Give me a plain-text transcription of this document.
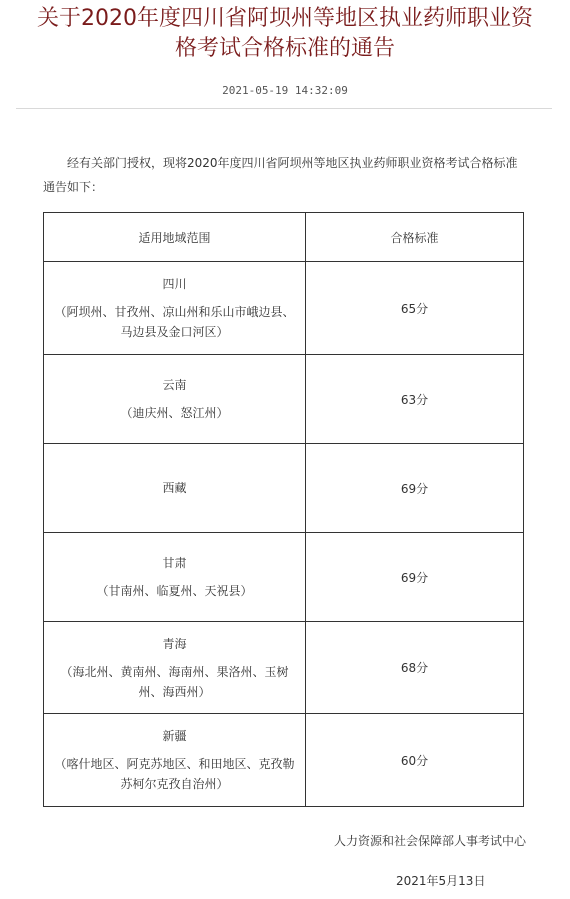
关于2020年度四川省阿坝州等地区执业药师职业资
格考试合格标准的通告
2021-05-19 14:32:09

经有关部门授权，现将2020年度四川省阿坝州等地区执业药师职业资格考试合格标准通告如下：

适用地域范围	合格标准

四川
（阿坝州、甘孜州、凉山州和乐山市峨边县、马边县及金口河区）	65分

云南
（迪庆州、怒江州）	63分

西藏	69分

甘肃
（甘南州、临夏州、天祝县）	69分

青海
（海北州、黄南州、海南州、果洛州、玉树州、海西州）	68分

新疆
（喀什地区、阿克苏地区、和田地区、克孜勒苏柯尔克孜自治州）	60分
人力资源和社会保障部人事考试中心
2021年5月13日
